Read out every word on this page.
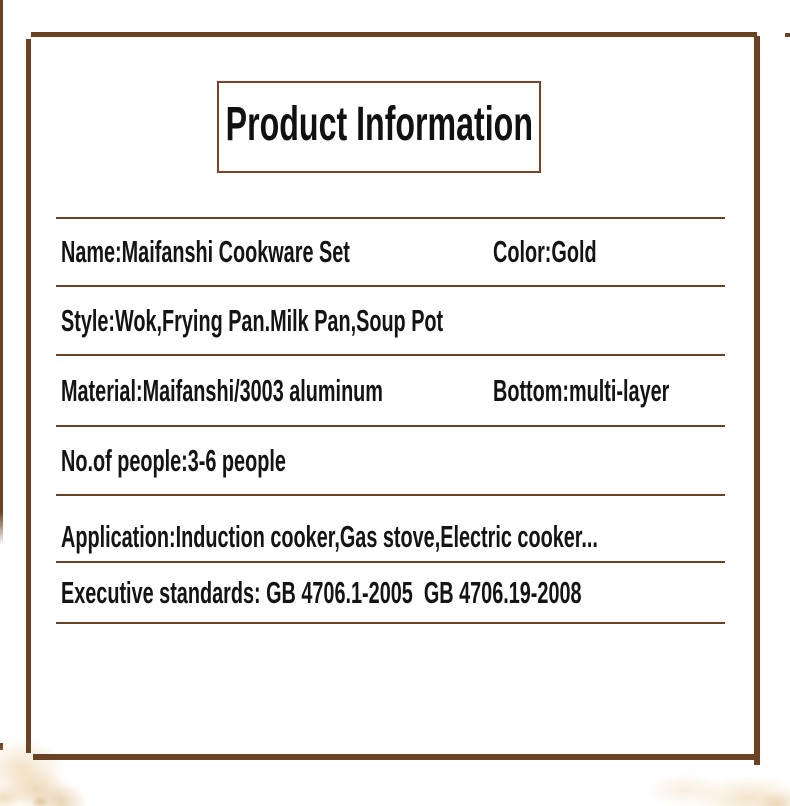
Product Information
Name:Maifanshi Cookware Set	Color:Gold
Style:Wok,Frying Pan.Milk Pan,Soup Pot
Material:Maifanshi/3003 aluminum	Bottom:multi-layer
No.of people:3-6 people
Application:Induction cooker,Gas stove,Electric cooker...
Executive standards: GB 4706.1-2005  GB 4706.19-2008
